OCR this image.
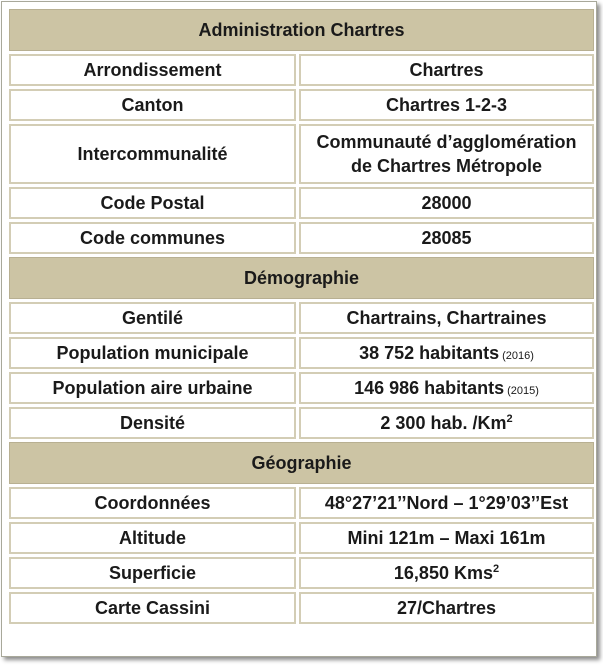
Administration Chartres	
Arrondissement	Chartres
Canton	Chartres 1-2-3
Intercommunalité	Communauté d’agglomération
de Chartres Métropole
Code Postal	28000
Code communes	28085
Démographie	
Gentilé	Chartrains, Chartraines
Population municipale	38 752 habitants (2016)
Population aire urbaine	146 986 habitants (2015)
Densité	2 300 hab. /Km$^2$
Géographie	
Coordonnées	48°27’21’’Nord – 1°29’03’’Est
Altitude	Mini 121m – Maxi 161m
Superficie	16,850 Kms$^2$
Carte Cassini	27/Chartres
